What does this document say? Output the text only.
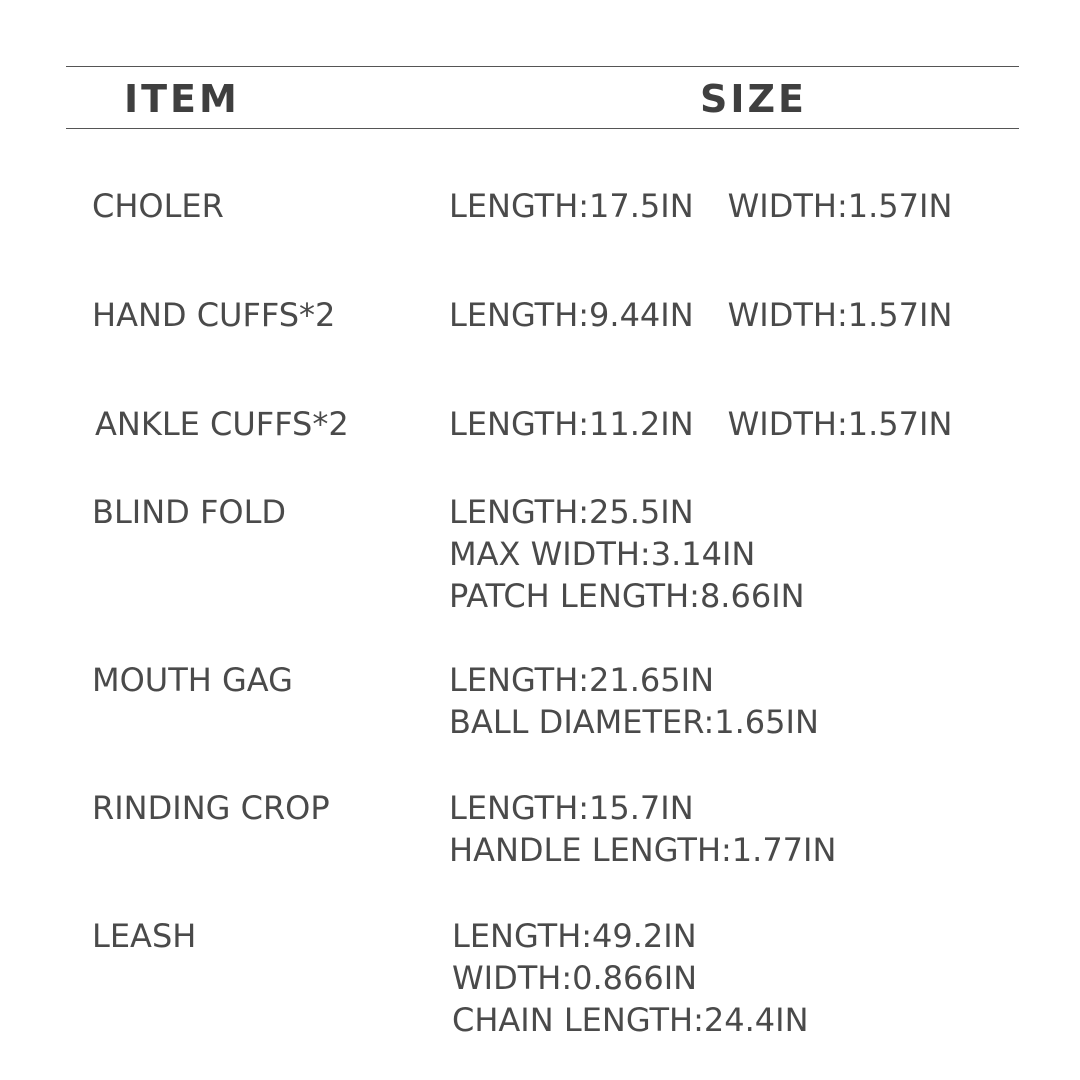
ITEM	SIZE
CHOLER	LENGTH:17.5IN WIDTH:1.57IN
HAND CUFFS*2	LENGTH:9.44IN WIDTH:1.57IN
ANKLE CUFFS*2	LENGTH:11.2IN WIDTH:1.57IN
BLIND FOLD	LENGTH:25.5IN
MAX WIDTH:3.14IN
PATCH LENGTH:8.66IN
MOUTH GAG	LENGTH:21.65IN
BALL DIAMETER:1.65IN
RINDING CROP	LENGTH:15.7IN
HANDLE LENGTH:1.77IN
LEASH	LENGTH:49.2IN
WIDTH:0.866IN
CHAIN LENGTH:24.4IN
